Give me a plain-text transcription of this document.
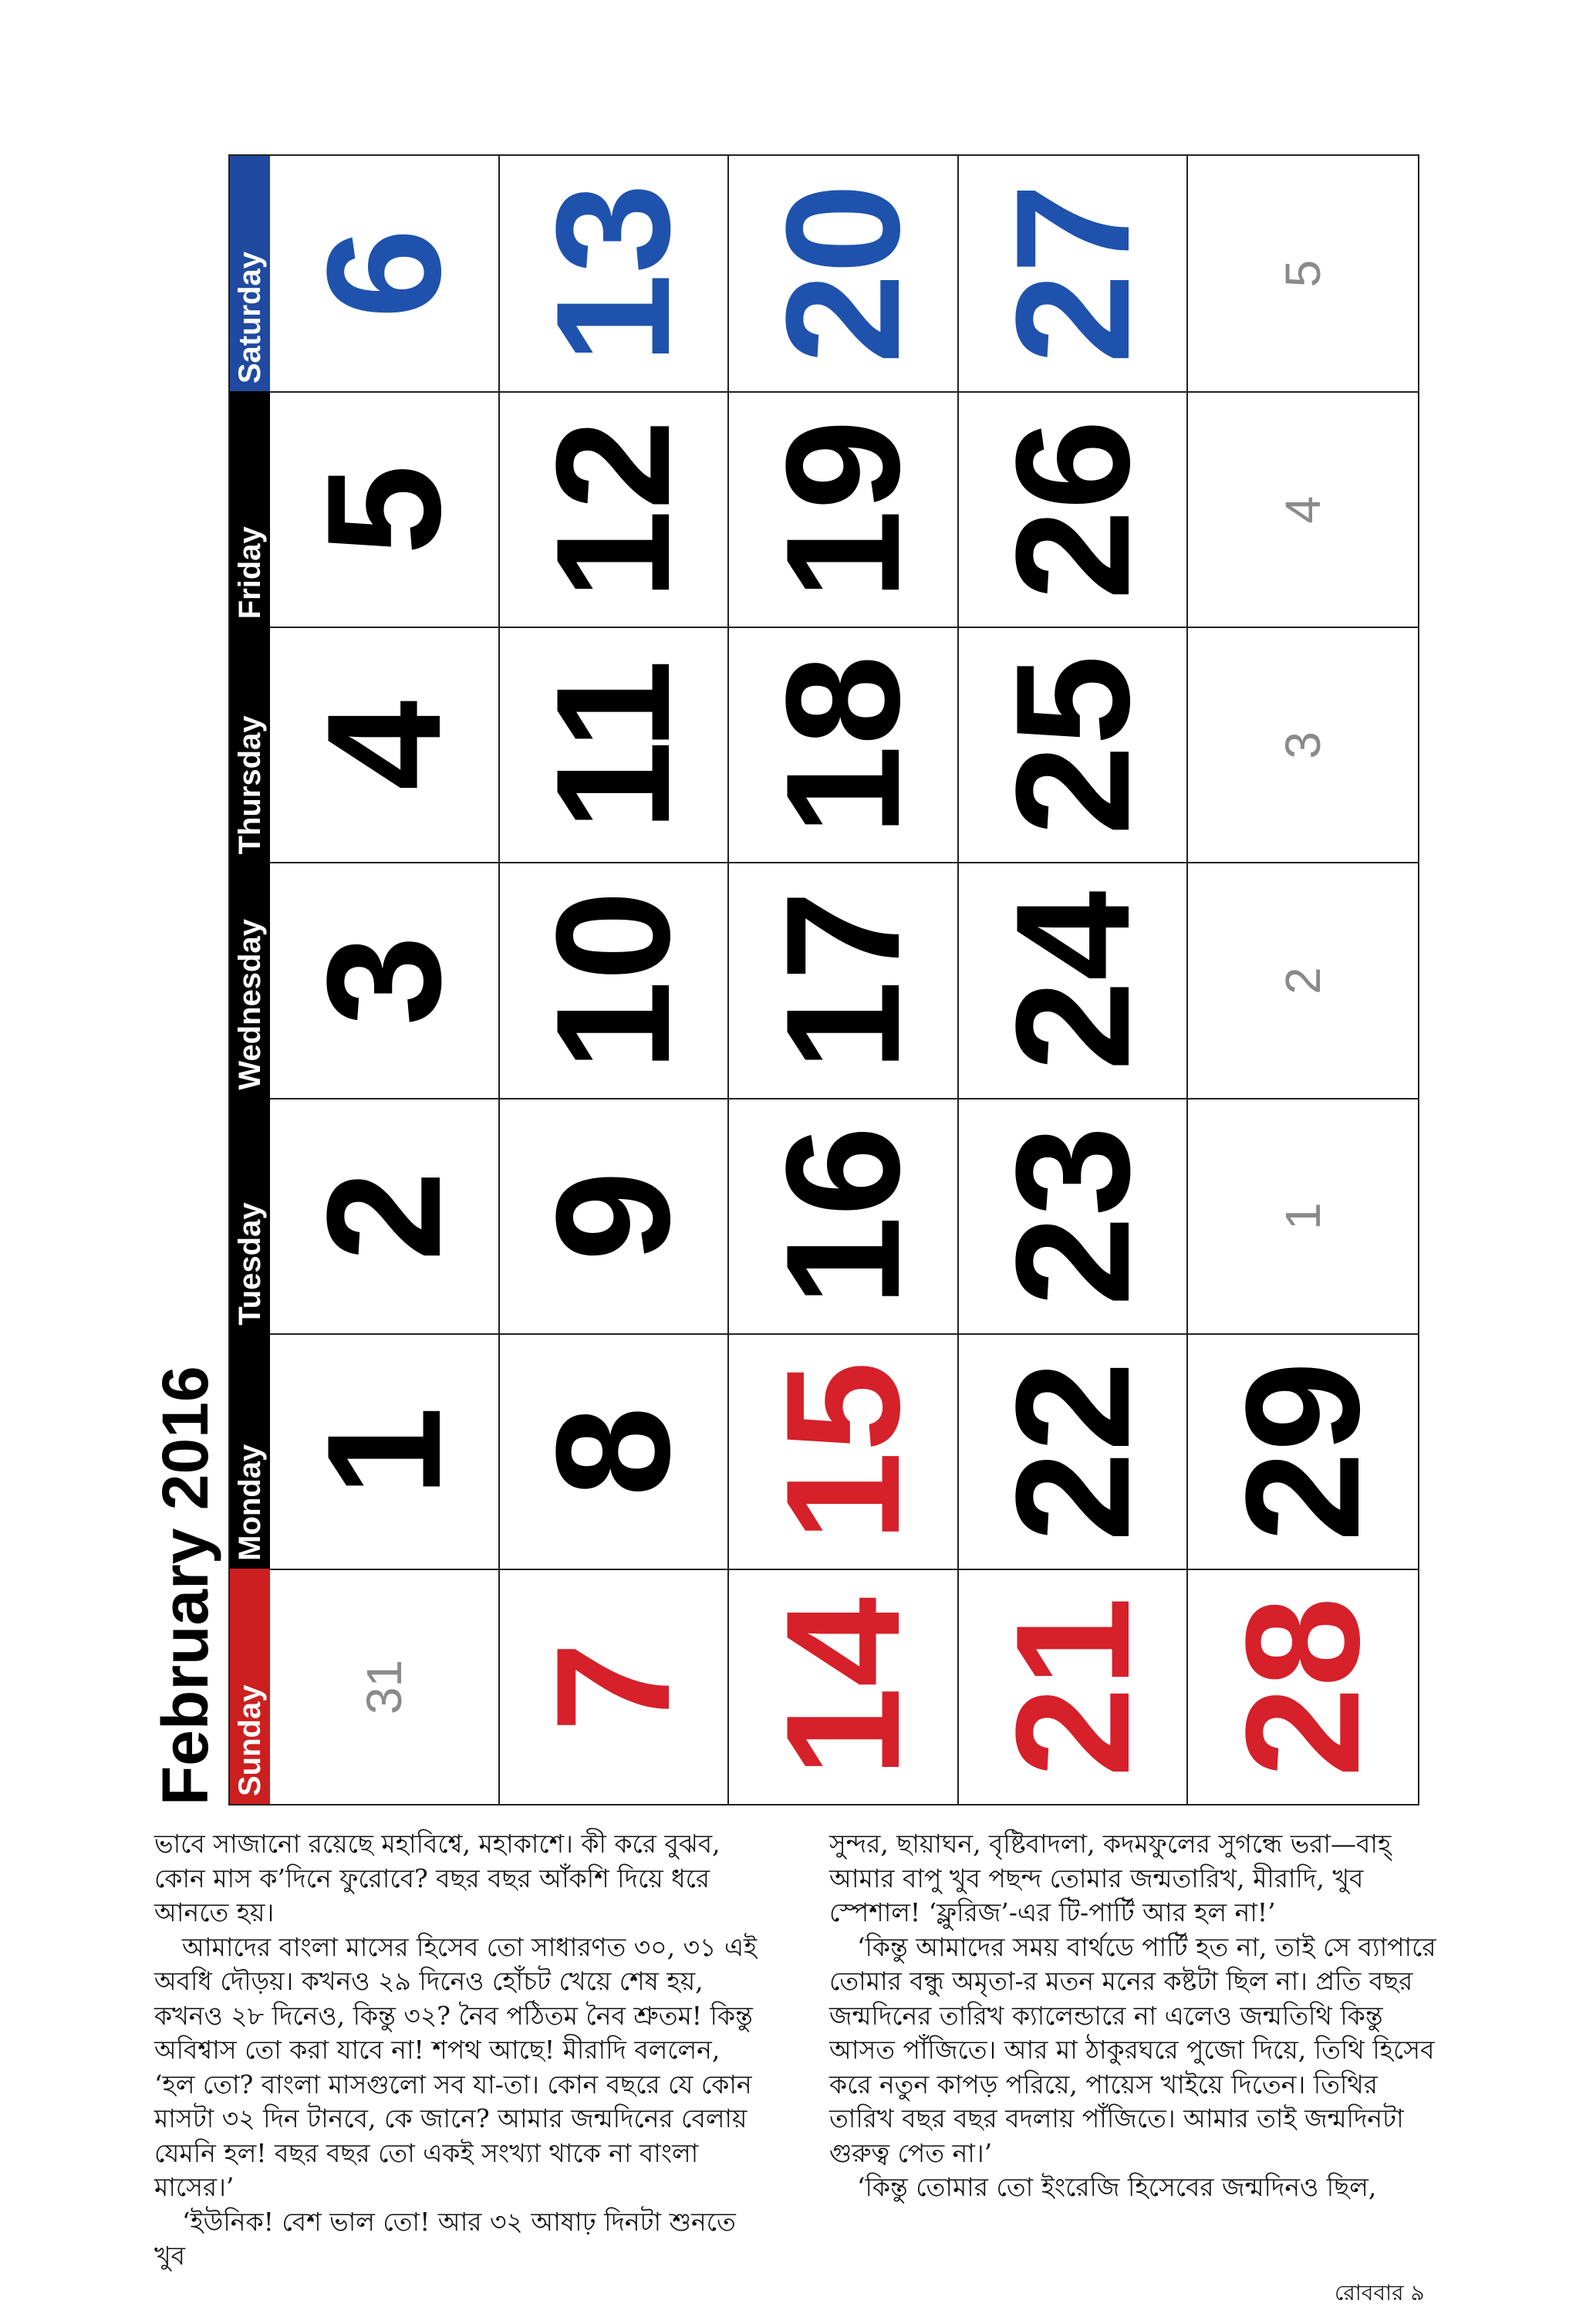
February 2016 Sunday
Monday
Tuesday
Wednesday
Thursday
Friday
Saturday
31
1
2
3
4
5
6
7
8
9
10
11
12
13
14
15
16
17
18
19
20
21
22
23
24
25
26
27
28
29
1
2
3
4
5

ভাবে সাজানো রয়েছে মহাবিশ্বে, মহাকাশে। কী করে বুঝব, কোন মাস ক’দিনে ফুরোবে? বছর বছর আঁকশি দিয়ে ধরে আনতে হয়।

আমাদের বাংলা মাসের হিসেব তো সাধারণত ৩০, ৩১ এই অবধি দৌড়য়। কখনও ২৯ দিনেও হোঁচট খেয়ে শেষ হয়, কখনও ২৮ দিনেও, কিন্তু ৩২? নৈব পঠিতম নৈব শ্রুতম! কিন্তু অবিশ্বাস তো করা যাবে না! শপথ আছে! মীরাদি বললেন, ‘হল তো? বাংলা মাসগুলো সব যা-তা। কোন বছরে যে কোন মাসটা ৩২ দিন টানবে, কে জানে? আমার জন্মদিনের বেলায় যেমনি হল! বছর বছর তো একই সংখ্যা থাকে না বাংলা মাসের।’

‘ইউনিক! বেশ ভাল তো! আর ৩২ আষাঢ় দিনটা শুনতে খুব

সুন্দর, ছায়াঘন, বৃষ্টিবাদলা, কদমফুলের সুগন্ধে ভরা—বাহ্‌ আমার বাপু খুব পছন্দ তোমার জন্মতারিখ, মীরাদি, খুব স্পেশাল! ‘ফ্লুরিজ’-এর টি-পার্টি আর হল না!’

‘কিন্তু আমাদের সময় বার্থডে পার্টি হত না, তাই সে ব্যাপারে তোমার বন্ধু অমৃতা-র মতন মনের কষ্টটা ছিল না। প্রতি বছর জন্মদিনের তারিখ ক্যালেন্ডারে না এলেও জন্মতিথি কিন্তু আসত পাঁজিতে। আর মা ঠাকুরঘরে পুজো দিয়ে, তিথি হিসেব করে নতুন কাপড় পরিয়ে, পায়েস খাইয়ে দিতেন। তিথির তারিখ বছর বছর বদলায় পাঁজিতে। আমার তাই জন্মদিনটা গুরুত্ব পেত না।’

‘কিন্তু তোমার তো ইংরেজি হিসেবের জন্মদিনও ছিল,

রোববার ৯
